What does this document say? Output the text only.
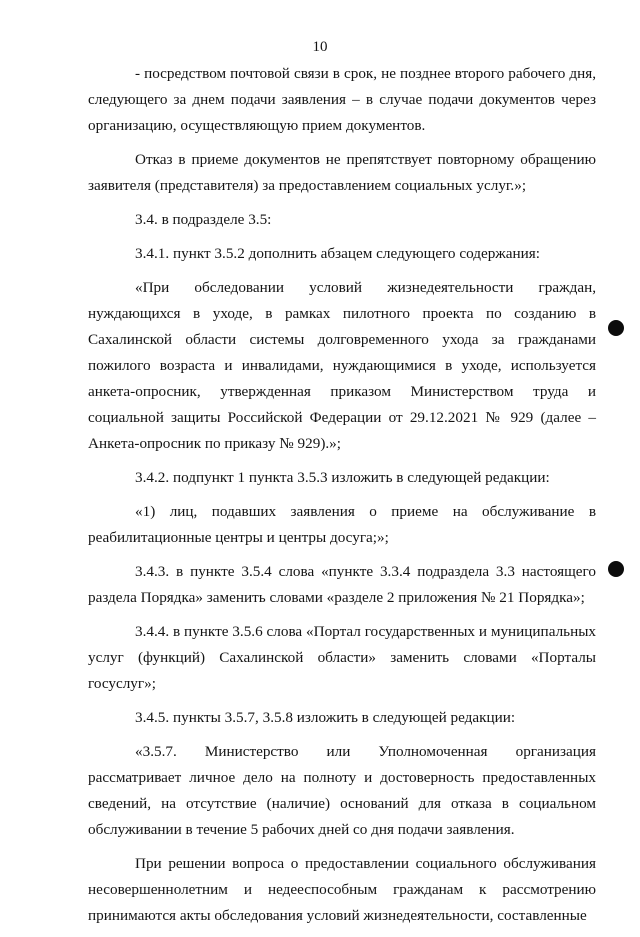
10

- посредством почтовой связи в срок, не позднее второго рабочего дня, следующего за днем подачи заявления – в случае подачи документов через организацию, осуществляющую прием документов.

Отказ в приеме документов не препятствует повторному обращению заявителя (представителя) за предоставлением социальных услуг.»;

3.4. в подразделе 3.5:

3.4.1. пункт 3.5.2 дополнить абзацем следующего содержания:

«При обследовании условий жизнедеятельности граждан, нуждающихся в уходе, в рамках пилотного проекта по созданию в Сахалинской области системы долговременного ухода за гражданами пожилого возраста и инвалидами, нуждающимися в уходе, используется анкета-опросник, утвержденная приказом Министерством труда и социальной защиты Российской Федерации от 29.12.2021 № 929 (далее – Анкета-опросник по приказу № 929).»;

3.4.2. подпункт 1 пункта 3.5.3 изложить в следующей редакции:

«1) лиц, подавших заявления о приеме на обслуживание в реабилитационные центры и центры досуга;»;

3.4.3. в пункте 3.5.4 слова «пункте 3.3.4 подраздела 3.3 настоящего раздела Порядка» заменить словами «разделе 2 приложения № 21 Порядка»;

3.4.4. в пункте 3.5.6 слова «Портал государственных и муниципальных услуг (функций) Сахалинской области» заменить словами «Порталы госуслуг»;

3.4.5. пункты 3.5.7, 3.5.8 изложить в следующей редакции:

«3.5.7. Министерство или Уполномоченная организация рассматривает личное дело на полноту и достоверность предоставленных сведений, на отсутствие (наличие) оснований для отказа в социальном обслуживании в течение 5 рабочих дней со дня подачи заявления.

При решении вопроса о предоставлении социального обслуживания несовершеннолетним и недееспособным гражданам к рассмотрению принимаются акты обследования условий жизнедеятельности, составленные
